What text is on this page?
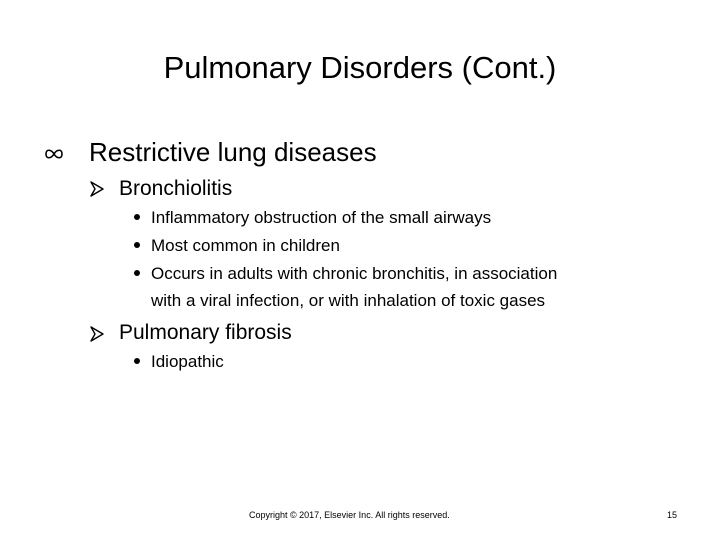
Pulmonary Disorders (Cont.)
Restrictive lung diseases
Bronchiolitis
Inflammatory obstruction of the small airways
Most common in children
Occurs in adults with chronic bronchitis, in association
with a viral infection, or with inhalation of toxic gases
Pulmonary fibrosis
Idiopathic
Copyright © 2017, Elsevier Inc. All rights reserved.	15
